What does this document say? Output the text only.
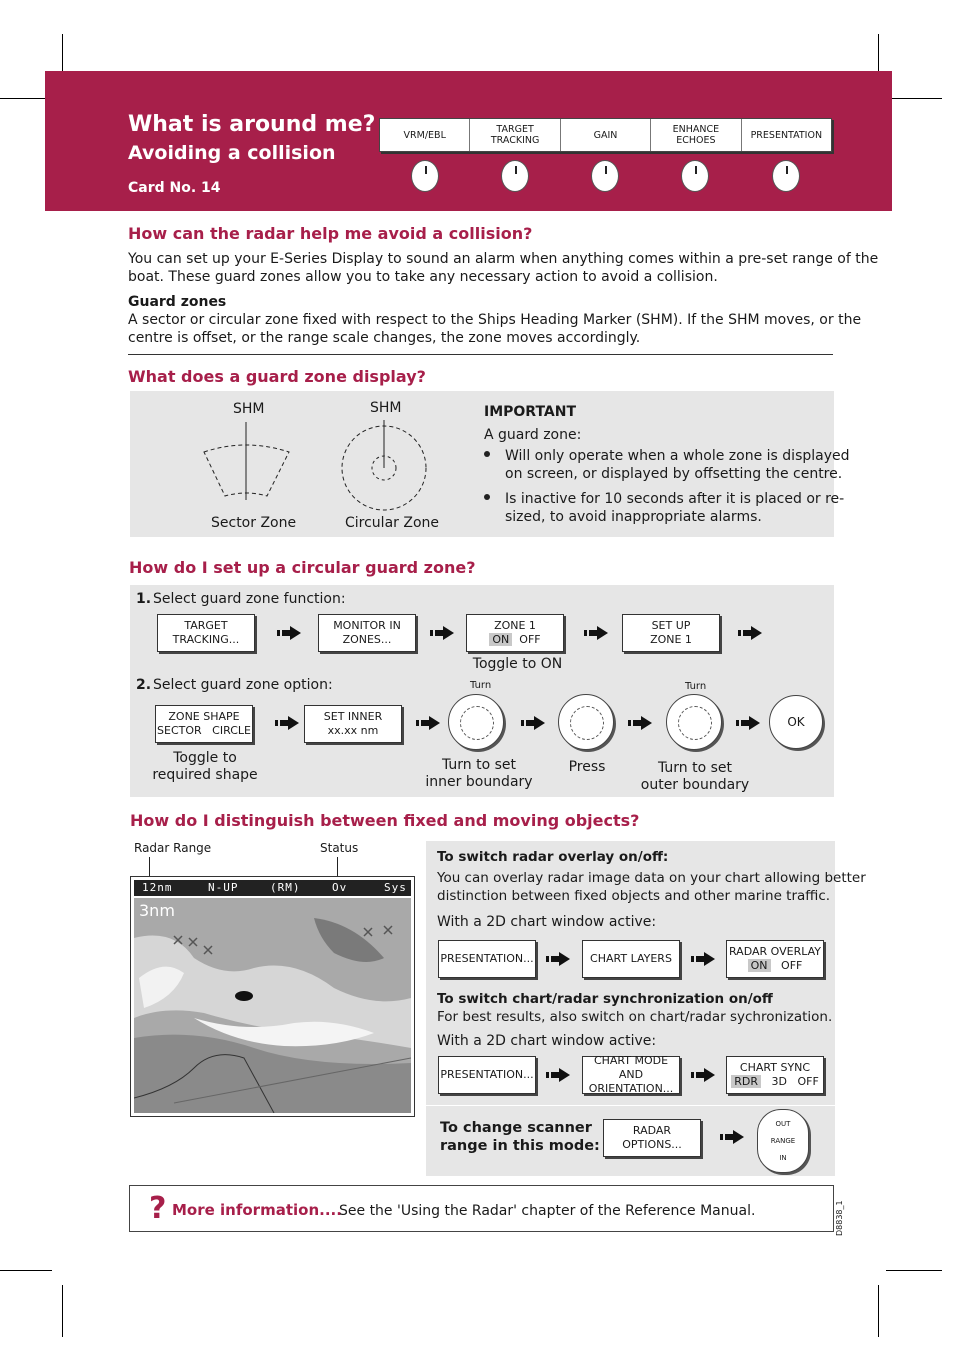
What is around me?
Avoiding a collision
Card No. 14
VRM/EBL	TARGET
TRACKING	GAIN	ENHANCE
ECHOES	PRESENTATION
How can the radar help me avoid a collision?
You can set up your E-Series Display to sound an alarm when anything comes within a pre-set range of the
boat. These guard zones allow you to take any necessary action to avoid a collision.
Guard zones
A sector or circular zone fixed with respect to the Ships Heading Marker (SHM). If the SHM moves, or the
centre is offset, or the range scale changes, the zone moves accordingly.
What does a guard zone display?
SHM	SHM
Sector Zone	Circular Zone
IMPORTANT
A guard zone:
Will only operate when a whole zone is displayed
on screen, or displayed by offsetting the centre.
Is inactive for 10 seconds after it is placed or re-
sized, to avoid inappropriate alarms.
How do I set up a circular guard zone?
1. Select guard zone function:
TARGET
TRACKING...
MONITOR IN
ZONES...
ZONE 1
ON OFF
SET UP
ZONE 1
Toggle to ON
2. Select guard zone option:
ZONE SHAPE
SECTOR CIRCLE
SET INNER
xx.xx nm
Turn	Turn
OK
Toggle to
required shape
Turn to set
inner boundary
Press	Turn to set
outer boundary
How do I distinguish between fixed and moving objects?
Radar Range	Status
12nm	N-UP	(RM)	Ov	Sys
3nm
To switch radar overlay on/off:
You can overlay radar image data on your chart allowing better
distinction between fixed objects and other marine traffic.
With a 2D chart window active:
PRESENTATION...	CHART LAYERS
RADAR OVERLAY
ON OFF
To switch chart/radar synchronization on/off
For best results, also switch on chart/radar sychronization.
With a 2D chart window active:
PRESENTATION...
CHART MODE AND
ORIENTATION...
CHART SYNC
RDR 3D OFF
To change scanner
range in this mode:
RADAR
OPTIONS...
OUT
RANGE
IN
? More information....
See the 'Using the Radar' chapter of the Reference Manual.	D8838_1
